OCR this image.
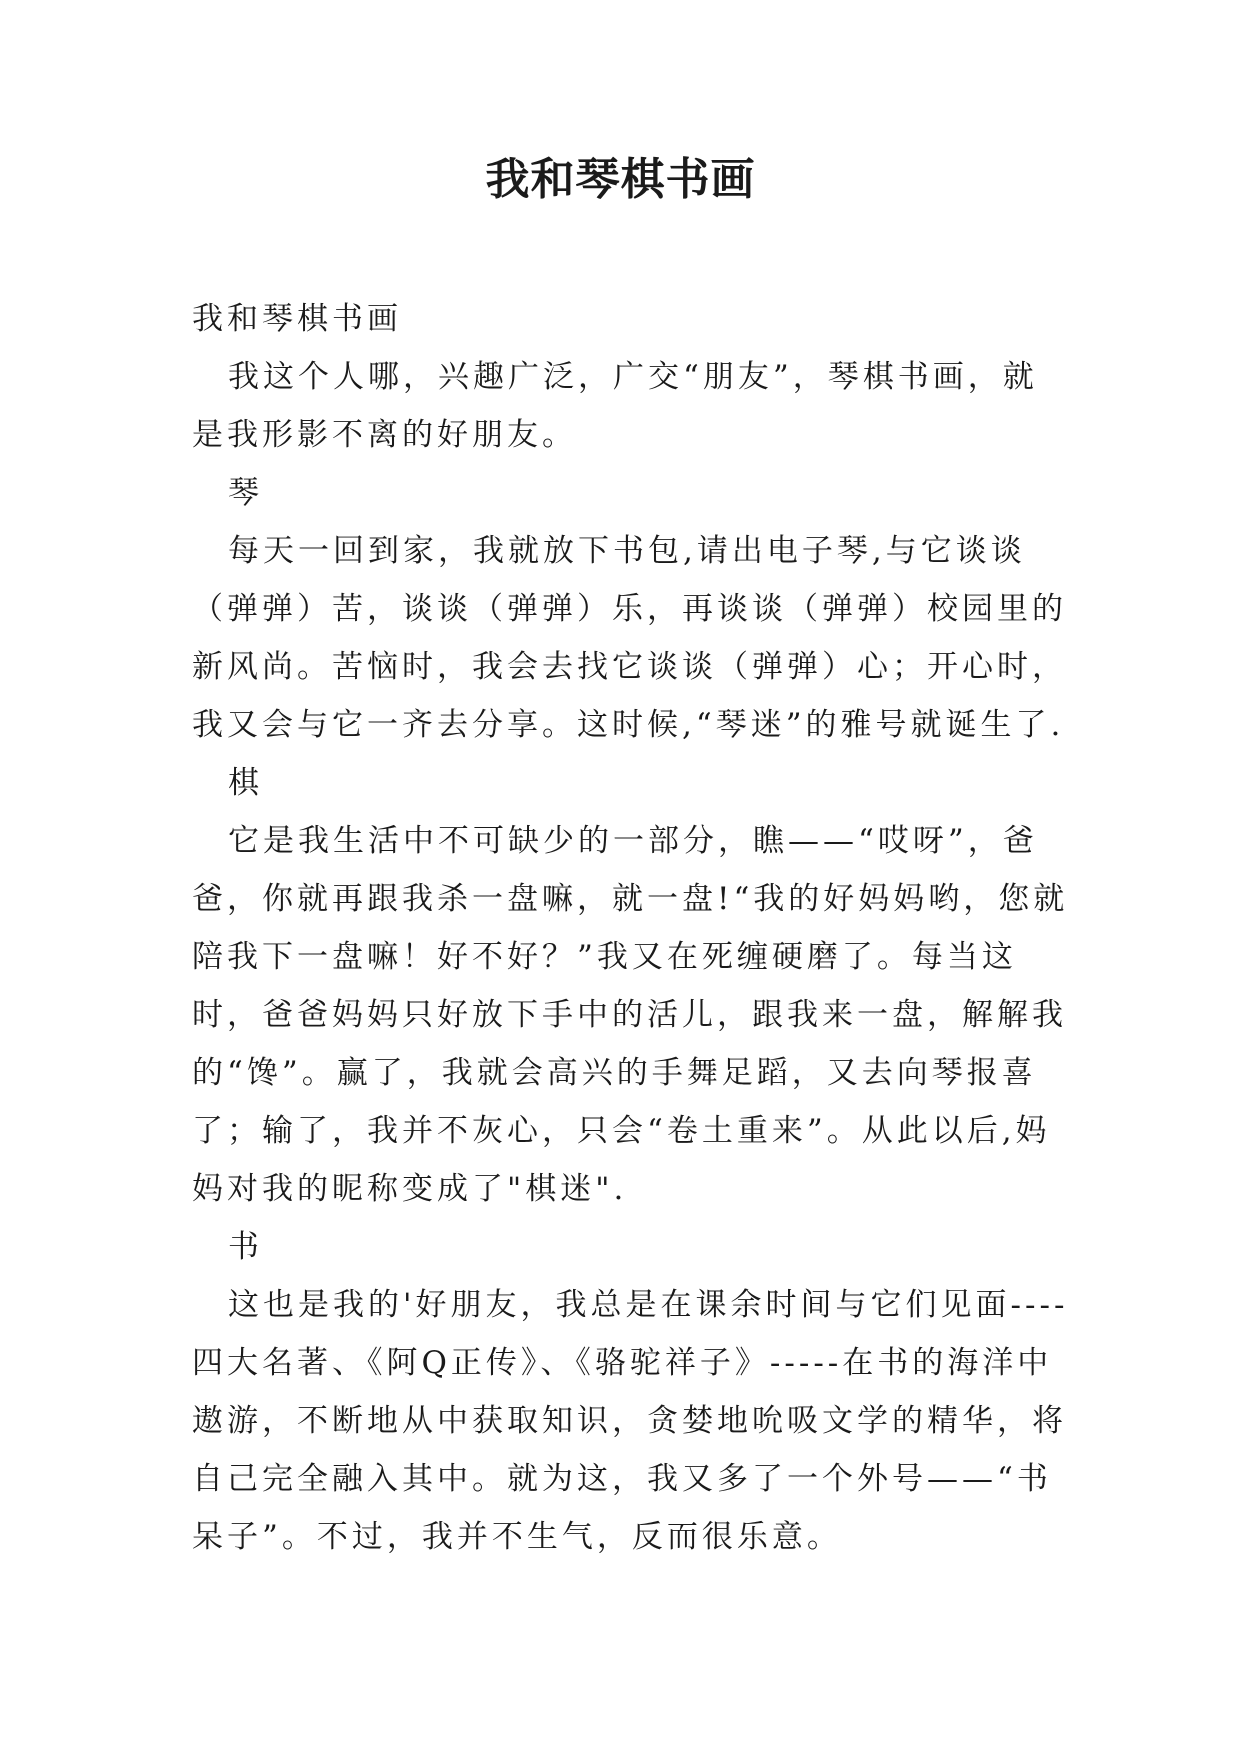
我和琴棋书画

我和琴棋书画

我这个人哪，兴趣广泛，广交“朋友”，琴棋书画，就是我形影不离的好朋友。

琴

每天一回到家，我就放下书包,请出电子琴,与它谈谈（弹弹）苦，谈谈（弹弹）乐，再谈谈（弹弹）校园里的新风尚。苦恼时，我会去找它谈谈（弹弹）心；开心时，我又会与它一齐去分享。这时候,“琴迷”的雅号就诞生了.

棋

它是我生活中不可缺少的一部分，瞧——“哎呀”，爸爸，你就再跟我杀一盘嘛，就一盘!“我的好妈妈哟，您就陪我下一盘嘛！好不好？”我又在死缠硬磨了。每当这时，爸爸妈妈只好放下手中的活儿，跟我来一盘，解解我的“馋”。赢了，我就会高兴的手舞足蹈，又去向琴报喜了；输了，我并不灰心，只会“卷土重来”。从此以后,妈妈对我的昵称变成了"棋迷".

书

这也是我的'好朋友，我总是在课余时间与它们见面----四大名著、《阿Q正传》、《骆驼祥子》-----在书的海洋中遨游，不断地从中获取知识，贪婪地吮吸文学的精华，将自己完全融入其中。就为这，我又多了一个外号——“书呆子”。不过，我并不生气，反而很乐意。
